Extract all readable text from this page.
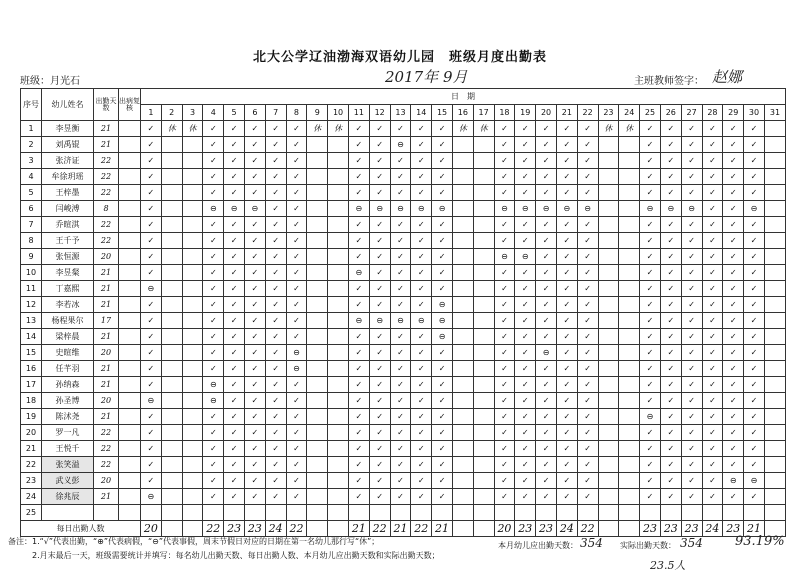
北大公学辽油渤海双语幼儿园　班级月度出勤表
班级：月光石	2017年 9月	主班教师签字： 赵娜
序号	幼儿姓名	出勤天数	出病复核	日　期																														
				1	2	3	4	5	6	7	8	9	10	11	12	13	14	15	16	17	18	19	20	21	22	23	24	25	26	27	28	29	30	31
1	李昱衡	21		✓	休	休	✓	✓	✓	✓	✓	休	休	✓	✓	✓	✓	✓	休	休	✓	✓	✓	✓	✓	休	休	✓	✓	✓	✓	✓	✓	
2	刘禹锟	21		✓			✓	✓	✓	✓	✓			✓	✓	⊖	✓	✓			✓	✓	✓	✓	✓			✓	✓	✓	✓	✓	✓	
3	张济证	22		✓			✓	✓	✓	✓	✓			✓	✓	✓	✓	✓			✓	✓	✓	✓	✓			✓	✓	✓	✓	✓	✓	
4	牟徐玥瑶	22		✓			✓	✓	✓	✓	✓			✓	✓	✓	✓	✓			✓	✓	✓	✓	✓			✓	✓	✓	✓	✓	✓	
5	王梓墨	22		✓			✓	✓	✓	✓	✓			✓	✓	✓	✓	✓			✓	✓	✓	✓	✓			✓	✓	✓	✓	✓	✓	
6	闫峻溥	8		✓			⊖	⊖	⊖	✓	✓			⊖	⊖	⊖	⊖	⊖			⊖	⊖	⊖	⊖	⊖			⊖	⊖	⊖	✓	✓	⊖	
7	乔暄淇	22		✓			✓	✓	✓	✓	✓			✓	✓	✓	✓	✓			✓	✓	✓	✓	✓			✓	✓	✓	✓	✓	✓	
8	王千予	22		✓			✓	✓	✓	✓	✓			✓	✓	✓	✓	✓			✓	✓	✓	✓	✓			✓	✓	✓	✓	✓	✓	
9	张恒源	20		✓			✓	✓	✓	✓	✓			✓	✓	✓	✓	✓			⊖	⊖	✓	✓	✓			✓	✓	✓	✓	✓	✓	
10	李昱粲	21		✓			✓	✓	✓	✓	✓			⊖	✓	✓	✓	✓			✓	✓	✓	✓	✓			✓	✓	✓	✓	✓	✓	
11	丁嘉熙	21		⊖			✓	✓	✓	✓	✓			✓	✓	✓	✓	✓			✓	✓	✓	✓	✓			✓	✓	✓	✓	✓	✓	
12	李若冰	21		✓			✓	✓	✓	✓	✓			✓	✓	✓	✓	⊖			✓	✓	✓	✓	✓			✓	✓	✓	✓	✓	✓	
13	杨程果尔	17		✓			✓	✓	✓	✓	✓			⊖	⊖	⊖	⊖	⊖			✓	✓	✓	✓	✓			✓	✓	✓	✓	✓	✓	
14	梁梓晨	21		✓			✓	✓	✓	✓	✓			✓	✓	✓	✓	⊖			✓	✓	✓	✓	✓			✓	✓	✓	✓	✓	✓	
15	史暄维	20		✓			✓	✓	✓	✓	⊖			✓	✓	✓	✓	✓			✓	✓	⊖	✓	✓			✓	✓	✓	✓	✓	✓	
16	任芊羽	21		✓			✓	✓	✓	✓	⊖			✓	✓	✓	✓	✓			✓	✓	✓	✓	✓			✓	✓	✓	✓	✓	✓	
17	孙纳森	21		✓			⊖	✓	✓	✓	✓			✓	✓	✓	✓	✓			✓	✓	✓	✓	✓			✓	✓	✓	✓	✓	✓	
18	孙圣博	20		⊖			⊖	✓	✓	✓	✓			✓	✓	✓	✓	✓			✓	✓	✓	✓	✓			✓	✓	✓	✓	✓	✓	
19	陈沭尧	21		✓			✓	✓	✓	✓	✓			✓	✓	✓	✓	✓			✓	✓	✓	✓	✓			⊖	✓	✓	✓	✓	✓	
20	罗一凡	22		✓			✓	✓	✓	✓	✓			✓	✓	✓	✓	✓			✓	✓	✓	✓	✓			✓	✓	✓	✓	✓	✓	
21	王悦千	22		✓			✓	✓	✓	✓	✓			✓	✓	✓	✓	✓			✓	✓	✓	✓	✓			✓	✓	✓	✓	✓	✓	
22	张笑溢	22		✓			✓	✓	✓	✓	✓			✓	✓	✓	✓	✓			✓	✓	✓	✓	✓			✓	✓	✓	✓	✓	✓	
23	武义彭	20		✓			✓	✓	✓	✓	✓			✓	✓	✓	✓	✓			✓	✓	✓	✓	✓			✓	✓	✓	✓	⊖	⊖	
24	徐兆辰	21		⊖			✓	✓	✓	✓	✓			✓	✓	✓	✓	✓			✓	✓	✓	✓	✓			✓	✓	✓	✓	✓	✓	
25																																		
每日出勤人数				20			22	23	23	24	22			21	22	21	22	21			20	23	23	24	22			23	23	23	24	23	21	
备注：1.“√”代表出勤，“⊕”代表病假，“⊖”代表事假，周末节假日对应的日期在第一名幼儿那行写“休”；
　　　2.月末最后一天，班级需要统计并填写：每名幼儿出勤天数、每日出勤人数、本月幼儿应出勤天数和实际出勤天数；
本月幼儿应出勤天数： 354 实际出勤天数： 354 93.19%
23.5人
